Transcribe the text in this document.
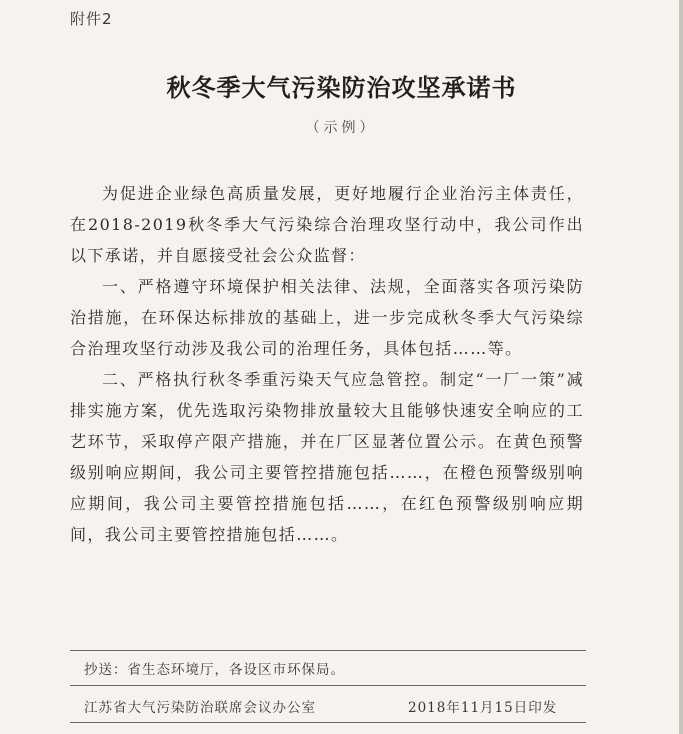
附件2
秋冬季大气污染防治攻坚承诺书
（示例）

为促进企业绿色高质量发展，更好地履行企业治污主体责任，在2018-2019秋冬季大气污染综合治理攻坚行动中，我公司作出以下承诺，并自愿接受社会公众监督：

一、严格遵守环境保护相关法律、法规，全面落实各项污染防治措施，在环保达标排放的基础上，进一步完成秋冬季大气污染综合治理攻坚行动涉及我公司的治理任务，具体包括……等。

二、严格执行秋冬季重污染天气应急管控。制定“一厂一策”减排实施方案，优先选取污染物排放量较大且能够快速安全响应的工艺环节，采取停产限产措施，并在厂区显著位置公示。在黄色预警级别响应期间，我公司主要管控措施包括……，在橙色预警级别响应期间，我公司主要管控措施包括……，在红色预警级别响应期间，我公司主要管控措施包括……。

抄送：省生态环境厅，各设区市环保局。
江苏省大气污染防治联席会议办公室	2018年11月15日印发
